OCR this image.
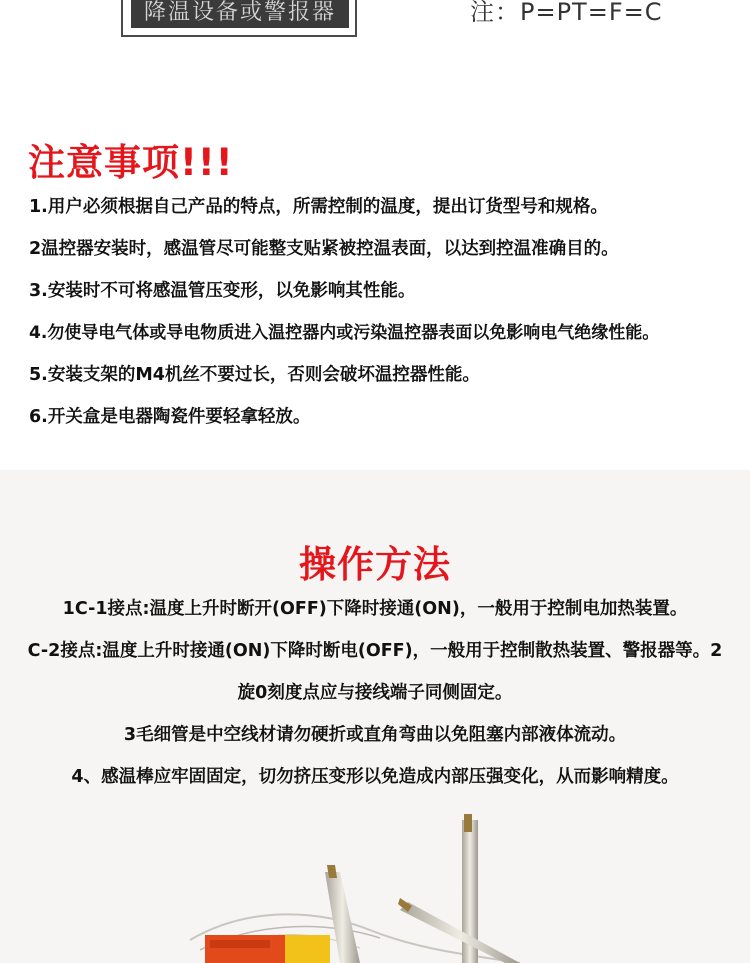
降温设备或警报器	注：P=PT=F=C
注意事项!!!
1.用户必须根据自己产品的特点，所需控制的温度，提出订货型号和规格。
2温控器安装时，感温管尽可能整支贴紧被控温表面，以达到控温准确目的。
3.安装时不可将感温管压变形，以免影响其性能。
4.勿使导电气体或导电物质进入温控器内或污染温控器表面以免影响电气绝缘性能。
5.安装支架的M4机丝不要过长，否则会破坏温控器性能。
6.开关盒是电器陶瓷件要轻拿轻放。
操作方法
1C-1接点:温度上升时断开(OFF)下降时接通(ON)，一般用于控制电加热装置。
C-2接点:温度上升时接通(ON)下降时断电(OFF)，一般用于控制散热装置、警报器等。2旋0刻度点应与接线端子同侧固定。
3毛细管是中空线材请勿硬折或直角弯曲以免阻塞内部液体流动。
4、感温棒应牢固固定，切勿挤压变形以免造成内部压强变化，从而影响精度。
